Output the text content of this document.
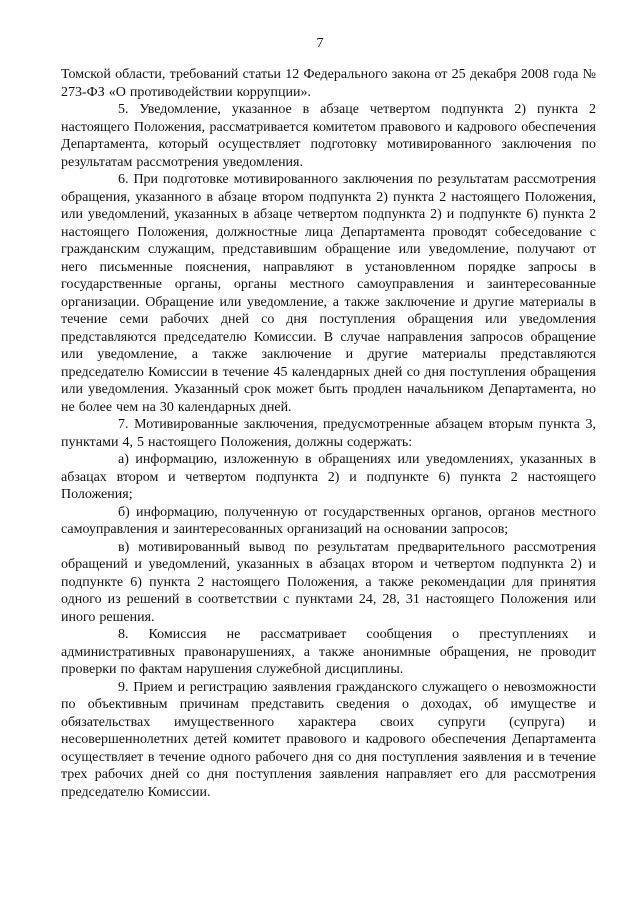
7

Томской области, требований статьи 12 Федерального закона от 25 декабря 2008 года № 273-ФЗ «О противодействии коррупции».

5. Уведомление, указанное в абзаце четвертом подпункта 2) пункта 2 настоящего Положения, рассматривается комитетом правового и кадрового обеспечения Департамента, который осуществляет подготовку мотивированного заключения по результатам рассмотрения уведомления.

6. При подготовке мотивированного заключения по результатам рассмотрения обращения, указанного в абзаце втором подпункта 2) пункта 2 настоящего Положения, или уведомлений, указанных в абзаце четвертом подпункта 2) и подпункте 6) пункта 2 настоящего Положения, должностные лица Департамента проводят собеседование с гражданским служащим, представившим обращение или уведомление, получают от него письменные пояснения, направляют в установленном порядке запросы в государственные органы, органы местного самоуправления и заинтересованные организации. Обращение или уведомление, а также заключение и другие материалы в течение семи рабочих дней со дня поступления обращения или уведомления представляются председателю Комиссии. В случае направления запросов обращение или уведомление, а также заключение и другие материалы представляются председателю Комиссии в течение 45 календарных дней со дня поступления обращения или уведомления. Указанный срок может быть продлен начальником Департамента, но не более чем на 30 календарных дней.

7. Мотивированные заключения, предусмотренные абзацем вторым пункта 3, пунктами 4, 5 настоящего Положения, должны содержать:

а) информацию, изложенную в обращениях или уведомлениях, указанных в абзацах втором и четвертом подпункта 2) и подпункте 6) пункта 2 настоящего Положения;

б) информацию, полученную от государственных органов, органов местного самоуправления и заинтересованных организаций на основании запросов;

в) мотивированный вывод по результатам предварительного рассмотрения обращений и уведомлений, указанных в абзацах втором и четвертом подпункта 2) и подпункте 6) пункта 2 настоящего Положения, а также рекомендации для принятия одного из решений в соответствии с пунктами 24, 28, 31 настоящего Положения или иного решения.

8. Комиссия не рассматривает сообщения о преступлениях и административных правонарушениях, а также анонимные обращения, не проводит проверки по фактам нарушения служебной дисциплины.

9. Прием и регистрацию заявления гражданского служащего о невозможности по объективным причинам представить сведения о доходах, об имуществе и обязательствах имущественного характера своих супруги (супруга) и несовершеннолетних детей комитет правового и кадрового обеспечения Департамента осуществляет в течение одного рабочего дня со дня поступления заявления и в течение трех рабочих дней со дня поступления заявления направляет его для рассмотрения председателю Комиссии.
